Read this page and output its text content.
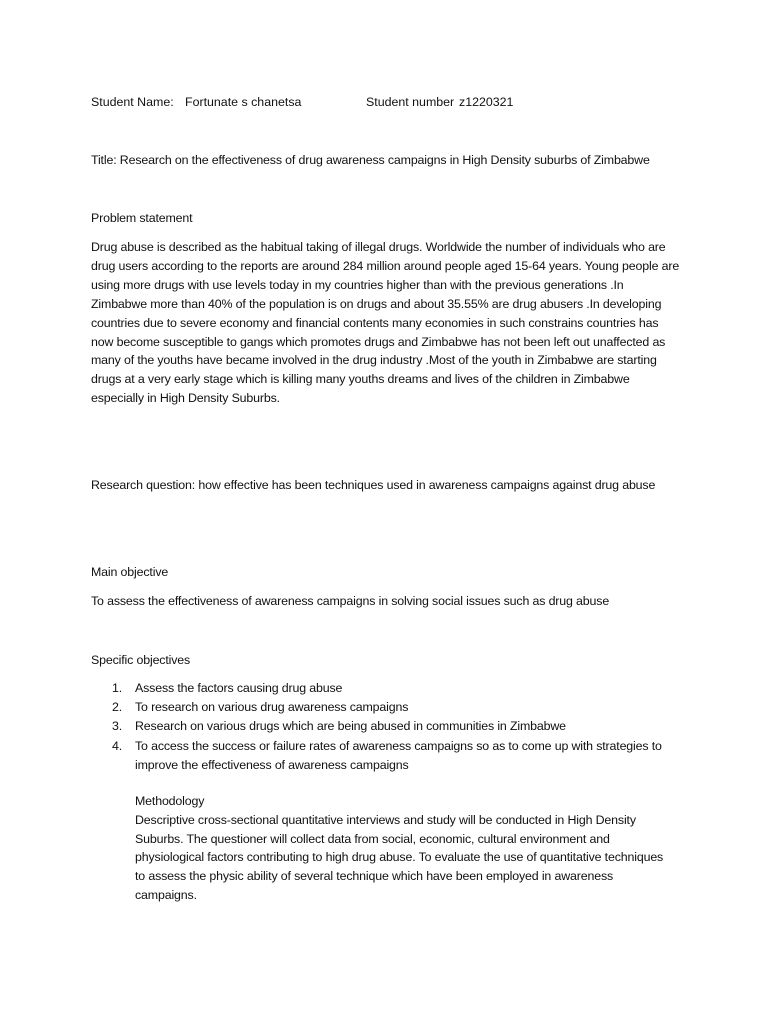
Student Name: Fortunate s chanetsa	Student number z1220321
Title: Research on the effectiveness of drug awareness campaigns in High Density suburbs of Zimbabwe
Problem statement
Drug abuse is described as the habitual taking of illegal drugs. Worldwide the number of individuals who are drug users according to the reports are around 284 million around people aged 15-64 years. Young people are using more drugs with use levels today in my countries higher than with the previous generations .In Zimbabwe more than 40% of the population is on drugs and about 35.55% are drug abusers .In developing countries due to severe economy and financial contents many economies in such constrains countries has now become susceptible to gangs which promotes drugs and Zimbabwe has not been left out unaffected as many of the youths have became involved in the drug industry .Most of the youth in Zimbabwe are starting drugs at a very early stage which is killing many youths dreams and lives of the children in Zimbabwe especially in High Density Suburbs.
Research question: how effective has been techniques used in awareness campaigns against drug abuse
Main objective
To assess the effectiveness of awareness campaigns in solving social issues such as drug abuse
Specific objectives
1. Assess the factors causing drug abuse
2. To research on various drug awareness campaigns
3. Research on various drugs which are being abused in communities in Zimbabwe
4. To access the success or failure rates of awareness campaigns so as to come up with strategies to improve the effectiveness of awareness campaigns
Methodology
Descriptive cross-sectional quantitative interviews and study will be conducted in High Density Suburbs. The questioner will collect data from social, economic, cultural environment and physiological factors contributing to high drug abuse. To evaluate the use of quantitative techniques to assess the physic ability of several technique which have been employed in awareness campaigns.
